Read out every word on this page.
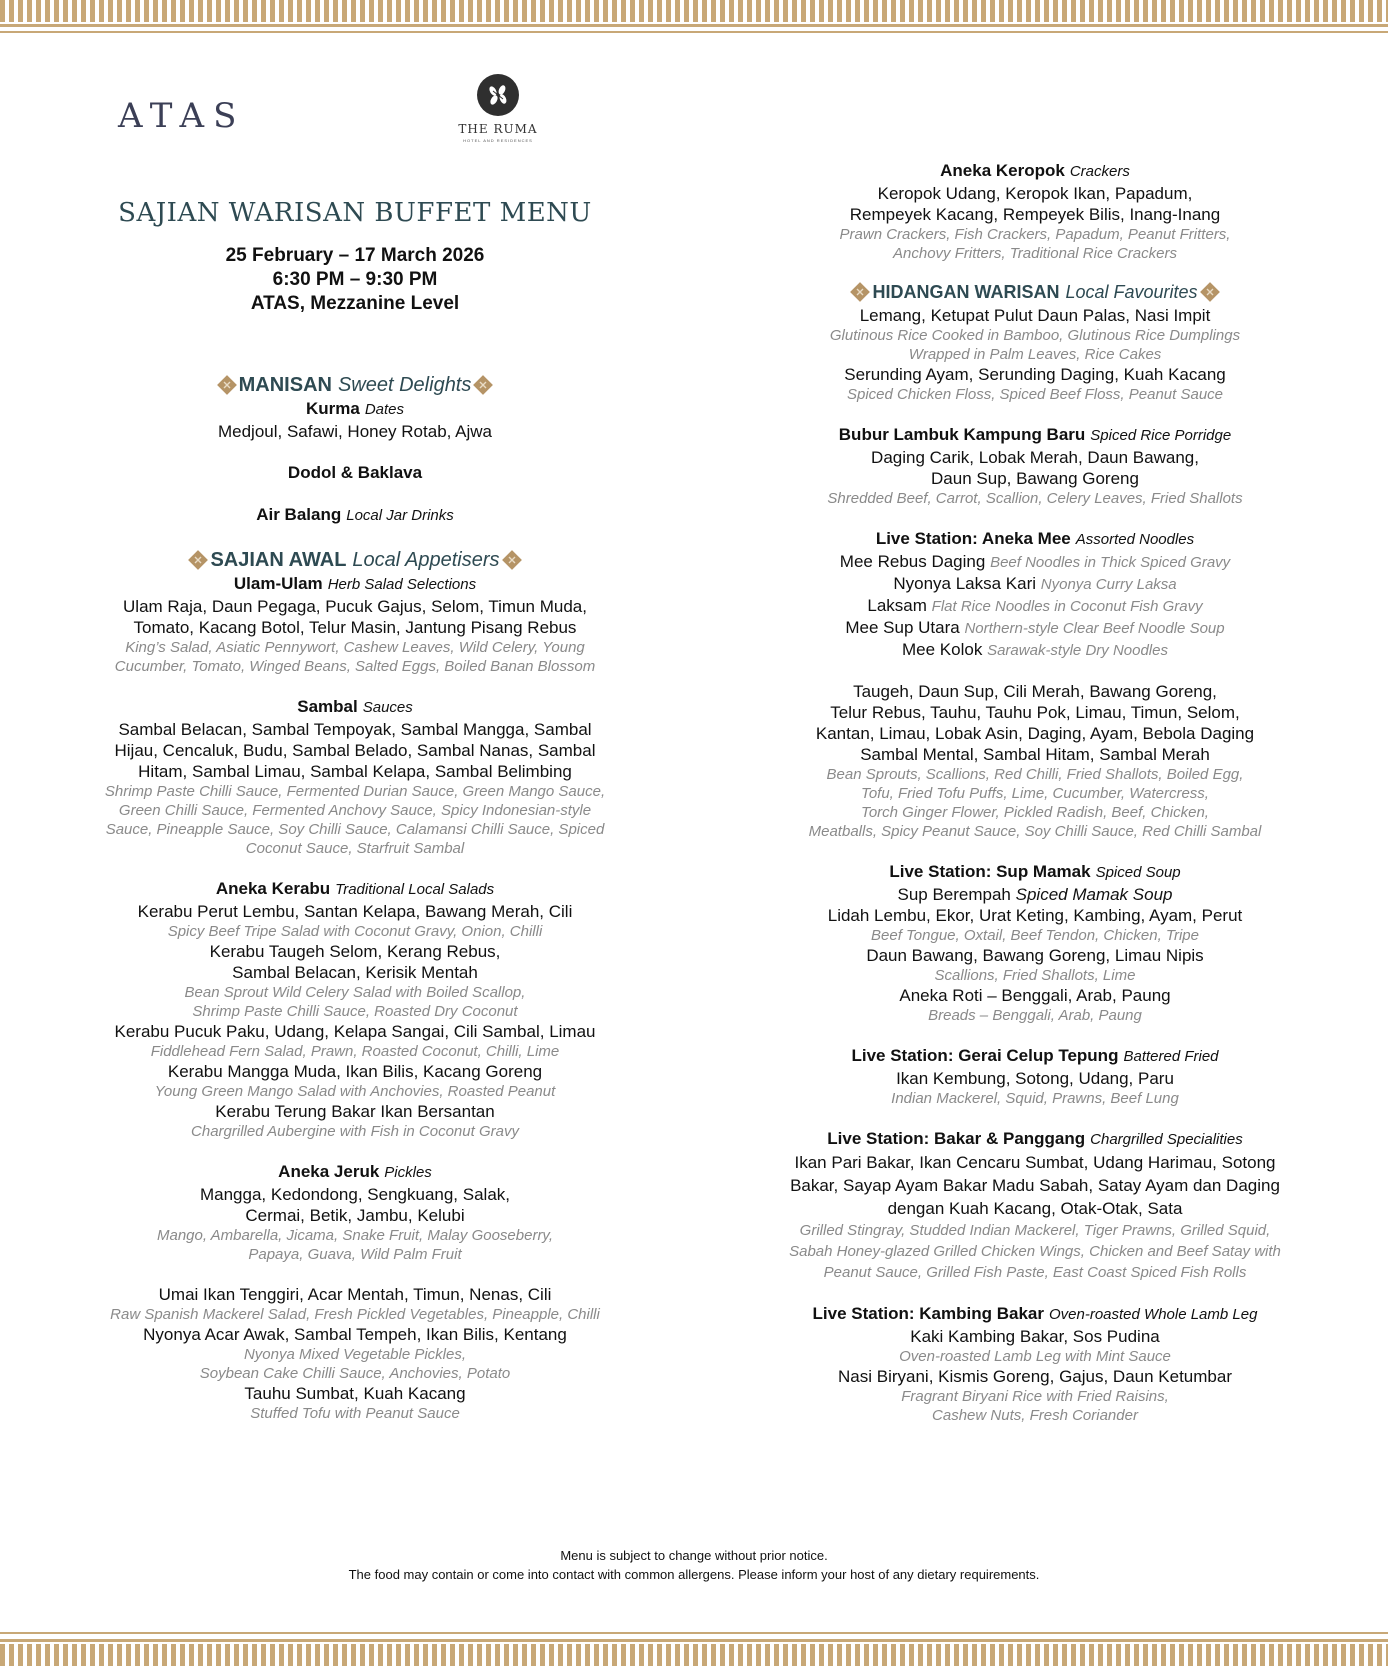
ATAS	THE RUMA
HOTEL AND RESIDENCES
SAJIAN WARISAN BUFFET MENU
25 February – 17 March 2026
6:30 PM – 9:30 PM
ATAS, Mezzanine Level
MANISAN Sweet Delights
Kurma Dates
Medjoul, Safawi, Honey Rotab, Ajwa
Dodol & Baklava
Air Balang Local Jar Drinks
SAJIAN AWAL Local Appetisers
Ulam-Ulam Herb Salad Selections
Ulam Raja, Daun Pegaga, Pucuk Gajus, Selom, Timun Muda,
Tomato, Kacang Botol, Telur Masin, Jantung Pisang Rebus
King’s Salad, Asiatic Pennywort, Cashew Leaves, Wild Celery, Young
Cucumber, Tomato, Winged Beans, Salted Eggs, Boiled Banan Blossom
Sambal Sauces
Sambal Belacan, Sambal Tempoyak, Sambal Mangga, Sambal
Hijau, Cencaluk, Budu, Sambal Belado, Sambal Nanas, Sambal
Hitam, Sambal Limau, Sambal Kelapa, Sambal Belimbing
Shrimp Paste Chilli Sauce, Fermented Durian Sauce, Green Mango Sauce,
Green Chilli Sauce, Fermented Anchovy Sauce, Spicy Indonesian-style
Sauce, Pineapple Sauce, Soy Chilli Sauce, Calamansi Chilli Sauce, Spiced
Coconut Sauce, Starfruit Sambal
Aneka Kerabu Traditional Local Salads
Kerabu Perut Lembu, Santan Kelapa, Bawang Merah, Cili
Spicy Beef Tripe Salad with Coconut Gravy, Onion, Chilli
Kerabu Taugeh Selom, Kerang Rebus,
Sambal Belacan, Kerisik Mentah
Bean Sprout Wild Celery Salad with Boiled Scallop,
Shrimp Paste Chilli Sauce, Roasted Dry Coconut
Kerabu Pucuk Paku, Udang, Kelapa Sangai, Cili Sambal, Limau
Fiddlehead Fern Salad, Prawn, Roasted Coconut, Chilli, Lime
Kerabu Mangga Muda, Ikan Bilis, Kacang Goreng
Young Green Mango Salad with Anchovies, Roasted Peanut
Kerabu Terung Bakar Ikan Bersantan
Chargrilled Aubergine with Fish in Coconut Gravy
Aneka Jeruk Pickles
Mangga, Kedondong, Sengkuang, Salak,
Cermai, Betik, Jambu, Kelubi
Mango, Ambarella, Jicama, Snake Fruit, Malay Gooseberry,
Papaya, Guava, Wild Palm Fruit
Umai Ikan Tenggiri, Acar Mentah, Timun, Nenas, Cili
Raw Spanish Mackerel Salad, Fresh Pickled Vegetables, Pineapple, Chilli
Nyonya Acar Awak, Sambal Tempeh, Ikan Bilis, Kentang
Nyonya Mixed Vegetable Pickles,
Soybean Cake Chilli Sauce, Anchovies, Potato
Tauhu Sumbat, Kuah Kacang
Stuffed Tofu with Peanut Sauce
Aneka Keropok Crackers
Keropok Udang, Keropok Ikan, Papadum,
Rempeyek Kacang, Rempeyek Bilis, Inang-Inang
Prawn Crackers, Fish Crackers, Papadum, Peanut Fritters,
Anchovy Fritters, Traditional Rice Crackers
HIDANGAN WARISAN Local Favourites
Lemang, Ketupat Pulut Daun Palas, Nasi Impit
Glutinous Rice Cooked in Bamboo, Glutinous Rice Dumplings
Wrapped in Palm Leaves, Rice Cakes
Serunding Ayam, Serunding Daging, Kuah Kacang
Spiced Chicken Floss, Spiced Beef Floss, Peanut Sauce
Bubur Lambuk Kampung Baru Spiced Rice Porridge
Daging Carik, Lobak Merah, Daun Bawang,
Daun Sup, Bawang Goreng
Shredded Beef, Carrot, Scallion, Celery Leaves, Fried Shallots
Live Station: Aneka Mee Assorted Noodles
Mee Rebus Daging Beef Noodles in Thick Spiced Gravy
Nyonya Laksa Kari Nyonya Curry Laksa
Laksam Flat Rice Noodles in Coconut Fish Gravy
Mee Sup Utara Northern-style Clear Beef Noodle Soup
Mee Kolok Sarawak-style Dry Noodles
Taugeh, Daun Sup, Cili Merah, Bawang Goreng,
Telur Rebus, Tauhu, Tauhu Pok, Limau, Timun, Selom,
Kantan, Limau, Lobak Asin, Daging, Ayam, Bebola Daging
Sambal Mental, Sambal Hitam, Sambal Merah
Bean Sprouts, Scallions, Red Chilli, Fried Shallots, Boiled Egg,
Tofu, Fried Tofu Puffs, Lime, Cucumber, Watercress,
Torch Ginger Flower, Pickled Radish, Beef, Chicken,
Meatballs, Spicy Peanut Sauce, Soy Chilli Sauce, Red Chilli Sambal
Live Station: Sup Mamak Spiced Soup
Sup Berempah Spiced Mamak Soup
Lidah Lembu, Ekor, Urat Keting, Kambing, Ayam, Perut
Beef Tongue, Oxtail, Beef Tendon, Chicken, Tripe
Daun Bawang, Bawang Goreng, Limau Nipis
Scallions, Fried Shallots, Lime
Aneka Roti – Benggali, Arab, Paung
Breads – Benggali, Arab, Paung
Live Station: Gerai Celup Tepung Battered Fried
Ikan Kembung, Sotong, Udang, Paru
Indian Mackerel, Squid, Prawns, Beef Lung
Live Station: Bakar & Panggang Chargrilled Specialities
Ikan Pari Bakar, Ikan Cencaru Sumbat, Udang Harimau, Sotong
Bakar, Sayap Ayam Bakar Madu Sabah, Satay Ayam dan Daging
dengan Kuah Kacang, Otak-Otak, Sata
Grilled Stingray, Studded Indian Mackerel, Tiger Prawns, Grilled Squid,
Sabah Honey-glazed Grilled Chicken Wings, Chicken and Beef Satay with
Peanut Sauce, Grilled Fish Paste, East Coast Spiced Fish Rolls
Live Station: Kambing Bakar Oven-roasted Whole Lamb Leg
Kaki Kambing Bakar, Sos Pudina
Oven-roasted Lamb Leg with Mint Sauce
Nasi Biryani, Kismis Goreng, Gajus, Daun Ketumbar
Fragrant Biryani Rice with Fried Raisins,
Cashew Nuts, Fresh Coriander
Menu is subject to change without prior notice.
The food may contain or come into contact with common allergens. Please inform your host of any dietary requirements.
